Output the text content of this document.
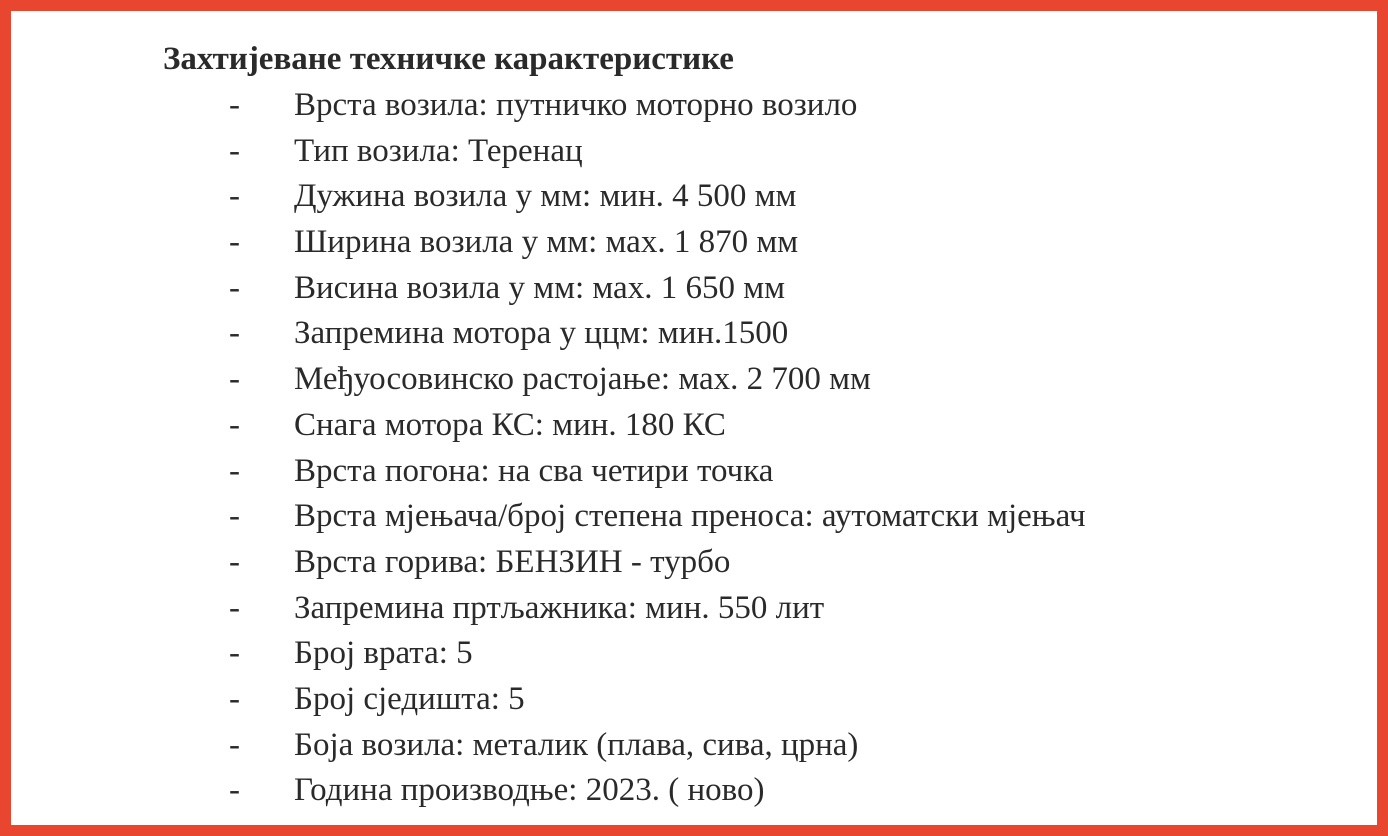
Захтијеване техничке карактеристике
- Врста возила: путничко моторно возило
- Тип возила: Теренац
- Дужина возила у мм: мин. 4 500 мм
- Ширина возила у мм: мах. 1 870 мм
- Висина возила у мм: мах. 1 650 мм
- Запремина мотора у ццм: мин.1500
- Међуосовинско растојање: мах. 2 700 мм
- Снага мотора КС: мин. 180 КС
- Врста погона: на сва четири точка
- Врста мјењача/број степена преноса: аутоматски мјењач
- Врста горива: БЕНЗИН - турбо
- Запремина пртљажника: мин. 550 лит
- Број врата: 5
- Број сједишта: 5
- Боја возила: металик (плава, сива, црна)
- Година производње: 2023. ( ново)
